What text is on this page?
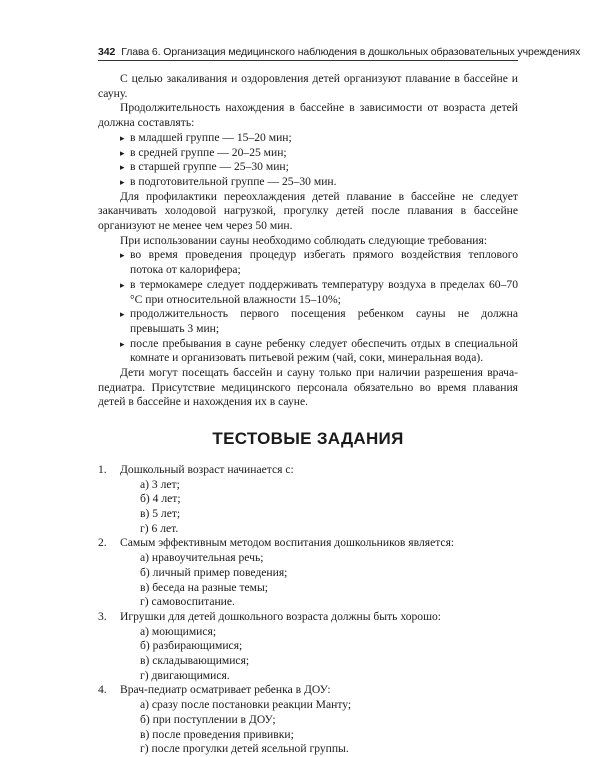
342 Глава 6. Организация медицинского наблюдения в дошкольных образовательных учреждениях

С целью закаливания и оздоровления детей организуют плавание в бассейне и сауну.

Продолжительность нахождения в бассейне в зависимости от возраста детей должна составлять:

▸ в младшей группе — 15–20 мин;
▸ в средней группе — 20–25 мин;
▸ в старшей группе — 25–30 мин;
▸ в подготовительной группе — 25–30 мин.

Для профилактики переохлаждения детей плавание в бассейне не следует заканчивать холодовой нагрузкой, прогулку детей после плавания в бассейне организуют не менее чем через 50 мин.

При использовании сауны необходимо соблюдать следующие требования:

▸ во время проведения процедур избегать прямого воздействия теплового потока от калорифера;
▸ в термокамере следует поддерживать температуру воздуха в пределах 60–70 °С при относительной влажности 15–10%;
▸ продолжительность первого посещения ребенком сауны не должна превышать 3 мин;
▸ после пребывания в сауне ребенку следует обеспечить отдых в специальной комнате и организовать питьевой режим (чай, соки, минеральная вода).

Дети могут посещать бассейн и сауну только при наличии разрешения врача-педиатра. Присутствие медицинского персонала обязательно во время плавания детей в бассейне и нахождения их в сауне.

ТЕСТОВЫЕ ЗАДАНИЯ
1. Дошкольный возраст начинается с:
а) 3 лет;
б) 4 лет;
в) 5 лет;
г) 6 лет.
2. Самым эффективным методом воспитания дошкольников является:
а) нравоучительная речь;
б) личный пример поведения;
в) беседа на разные темы;
г) самовоспитание.
3. Игрушки для детей дошкольного возраста должны быть хорошо:
а) моющимися;
б) разбирающимися;
в) складывающимися;
г) двигающимися.
4. Врач-педиатр осматривает ребенка в ДОУ:
а) сразу после постановки реакции Манту;
б) при поступлении в ДОУ;
в) после проведения прививки;
г) после прогулки детей ясельной группы.
